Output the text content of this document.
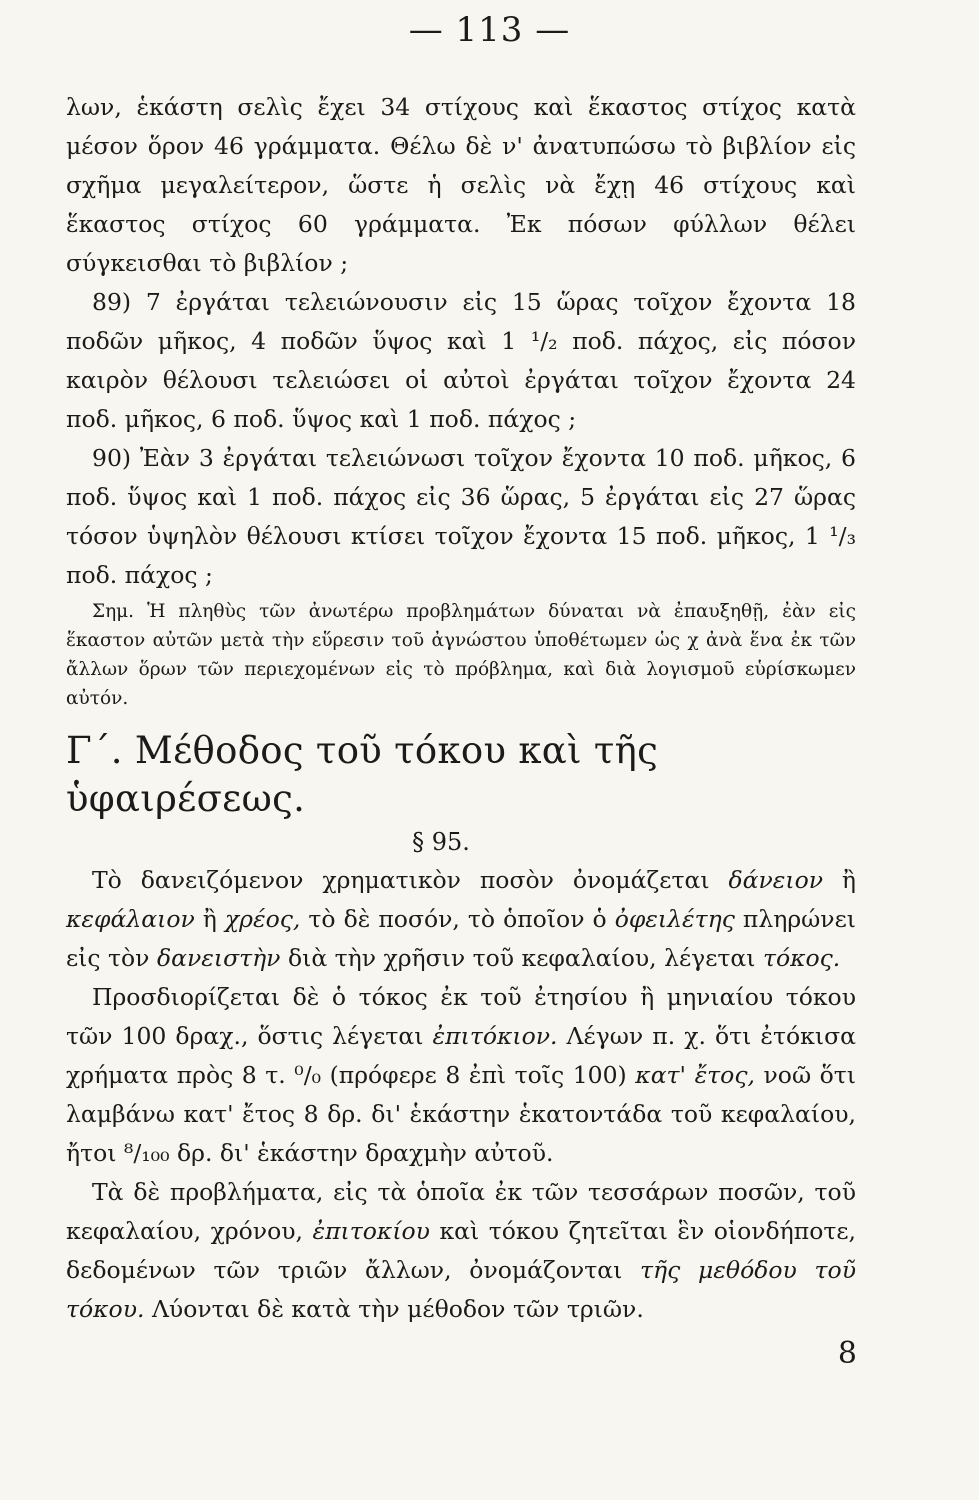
— 113 —

λων, ἑκάστη σελὶς ἔχει 34 στίχους καὶ ἕκαστος στίχος κατὰ μέσον ὅρον 46 γράμματα. Θέλω δὲ ν' ἀνατυπώσω τὸ βιβλίον εἰς σχῆμα μεγαλείτερον, ὥστε ἡ σελὶς νὰ ἔχῃ 46 στίχους καὶ ἕκαστος στίχος 60 γράμματα. Ἐκ πόσων φύλλων θέλει σύγκεισθαι τὸ βιβλίον ;

89) 7 ἐργάται τελειώνουσιν εἰς 15 ὥρας τοῖχον ἔχοντα 18 ποδῶν μῆκος, 4 ποδῶν ὕψος καὶ 1 ¹/₂ ποδ. πάχος, εἰς πόσον καιρὸν θέλουσι τελειώσει οἱ αὐτοὶ ἐργάται τοῖχον ἔχοντα 24 ποδ. μῆκος, 6 ποδ. ὕψος καὶ 1 ποδ. πάχος ;

90) Ἐὰν 3 ἐργάται τελειώνωσι τοῖχον ἔχοντα 10 ποδ. μῆκος, 6 ποδ. ὕψος καὶ 1 ποδ. πάχος εἰς 36 ὥρας, 5 ἐργάται εἰς 27 ὥρας τόσον ὑψηλὸν θέλουσι κτίσει τοῖχον ἔχοντα 15 ποδ. μῆκος, 1 ¹/₃ ποδ. πάχος ;

Σημ. Ἡ πληθὺς τῶν ἀνωτέρω προβλημάτων δύναται νὰ ἐπαυξηθῇ, ἐὰν εἰς ἕκαστον αὐτῶν μετὰ τὴν εὕρεσιν τοῦ ἀγνώστου ὑποθέτωμεν ὡς χ ἀνὰ ἕνα ἐκ τῶν ἄλλων ὅρων τῶν περιεχομένων εἰς τὸ πρόβλημα, καὶ διὰ λογισμοῦ εὑρίσκωμεν αὐτόν.

Γ΄. Μέθοδος τοῦ τόκου καὶ τῆς ὑφαιρέσεως.

§ 95.

Τὸ δανειζόμενον χρηματικὸν ποσὸν ὀνομάζεται δάνειον ἢ κεφάλαιον ἢ χρέος, τὸ δὲ ποσόν, τὸ ὁποῖον ὁ ὀφειλέτης πληρώνει εἰς τὸν δανειστὴν διὰ τὴν χρῆσιν τοῦ κεφαλαίου, λέγεται τόκος.

Προσδιορίζεται δὲ ὁ τόκος ἐκ τοῦ ἐτησίου ἢ μηνιαίου τόκου τῶν 100 δραχ., ὅστις λέγεται ἐπιτόκιον. Λέγων π. χ. ὅτι ἐτόκισα χρήματα πρὸς 8 τ. ⁰/₀ (πρόφερε 8 ἐπὶ τοῖς 100) κατ' ἔτος, νοῶ ὅτι λαμβάνω κατ' ἔτος 8 δρ. δι' ἑκάστην ἑκατοντάδα τοῦ κεφαλαίου, ἤτοι ⁸/₁₀₀ δρ. δι' ἑκάστην δραχμὴν αὐτοῦ.

Τὰ δὲ προβλήματα, εἰς τὰ ὁποῖα ἐκ τῶν τεσσάρων ποσῶν, τοῦ κεφαλαίου, χρόνου, ἐπιτοκίου καὶ τόκου ζητεῖται ἓν οἱονδήποτε, δεδομένων τῶν τριῶν ἄλλων, ὀνομάζονται τῆς μεθόδου τοῦ τόκου. Λύονται δὲ κατὰ τὴν μέθοδον τῶν τριῶν.

8
